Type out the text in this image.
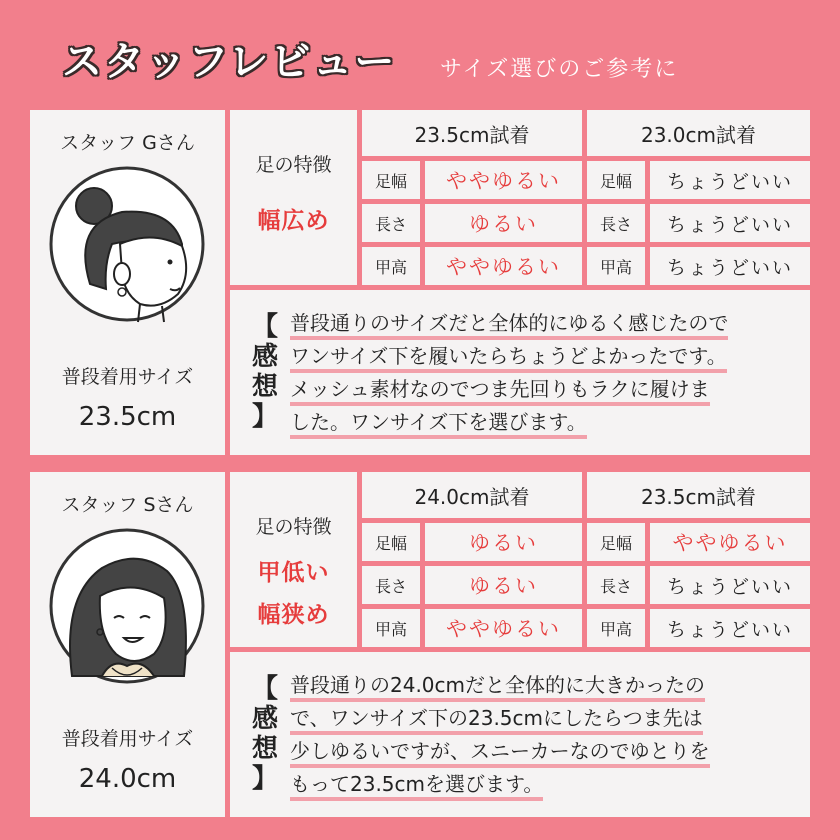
スタッフレビュー サイズ選びのご参考に
スタッフ Gさん
普段着用サイズ
23.5cm
足の特徴
幅広め
23.5cm試着	23.0cm試着
足幅	ややゆるい	足幅	ちょうどいい
長さ	ゆるい	長さ	ちょうどいい
甲高	ややゆるい	甲高	ちょうどいい
【
感
想
】
普段通りのサイズだと全体的にゆるく感じたので
ワンサイズ下を履いたらちょうどよかったです。
メッシュ素材なのでつま先回りもラクに履けま
した。ワンサイズ下を選びます。
スタッフ Sさん
普段着用サイズ
24.0cm
足の特徴
甲低い
幅狭め
24.0cm試着	23.5cm試着
足幅	ゆるい	足幅	ややゆるい
長さ	ゆるい	長さ	ちょうどいい
甲高	ややゆるい	甲高	ちょうどいい
【
感
想
】
普段通りの24.0cmだと全体的に大きかったの
で、ワンサイズ下の23.5cmにしたらつま先は
少しゆるいですが、スニーカーなのでゆとりを
もって23.5cmを選びます。
